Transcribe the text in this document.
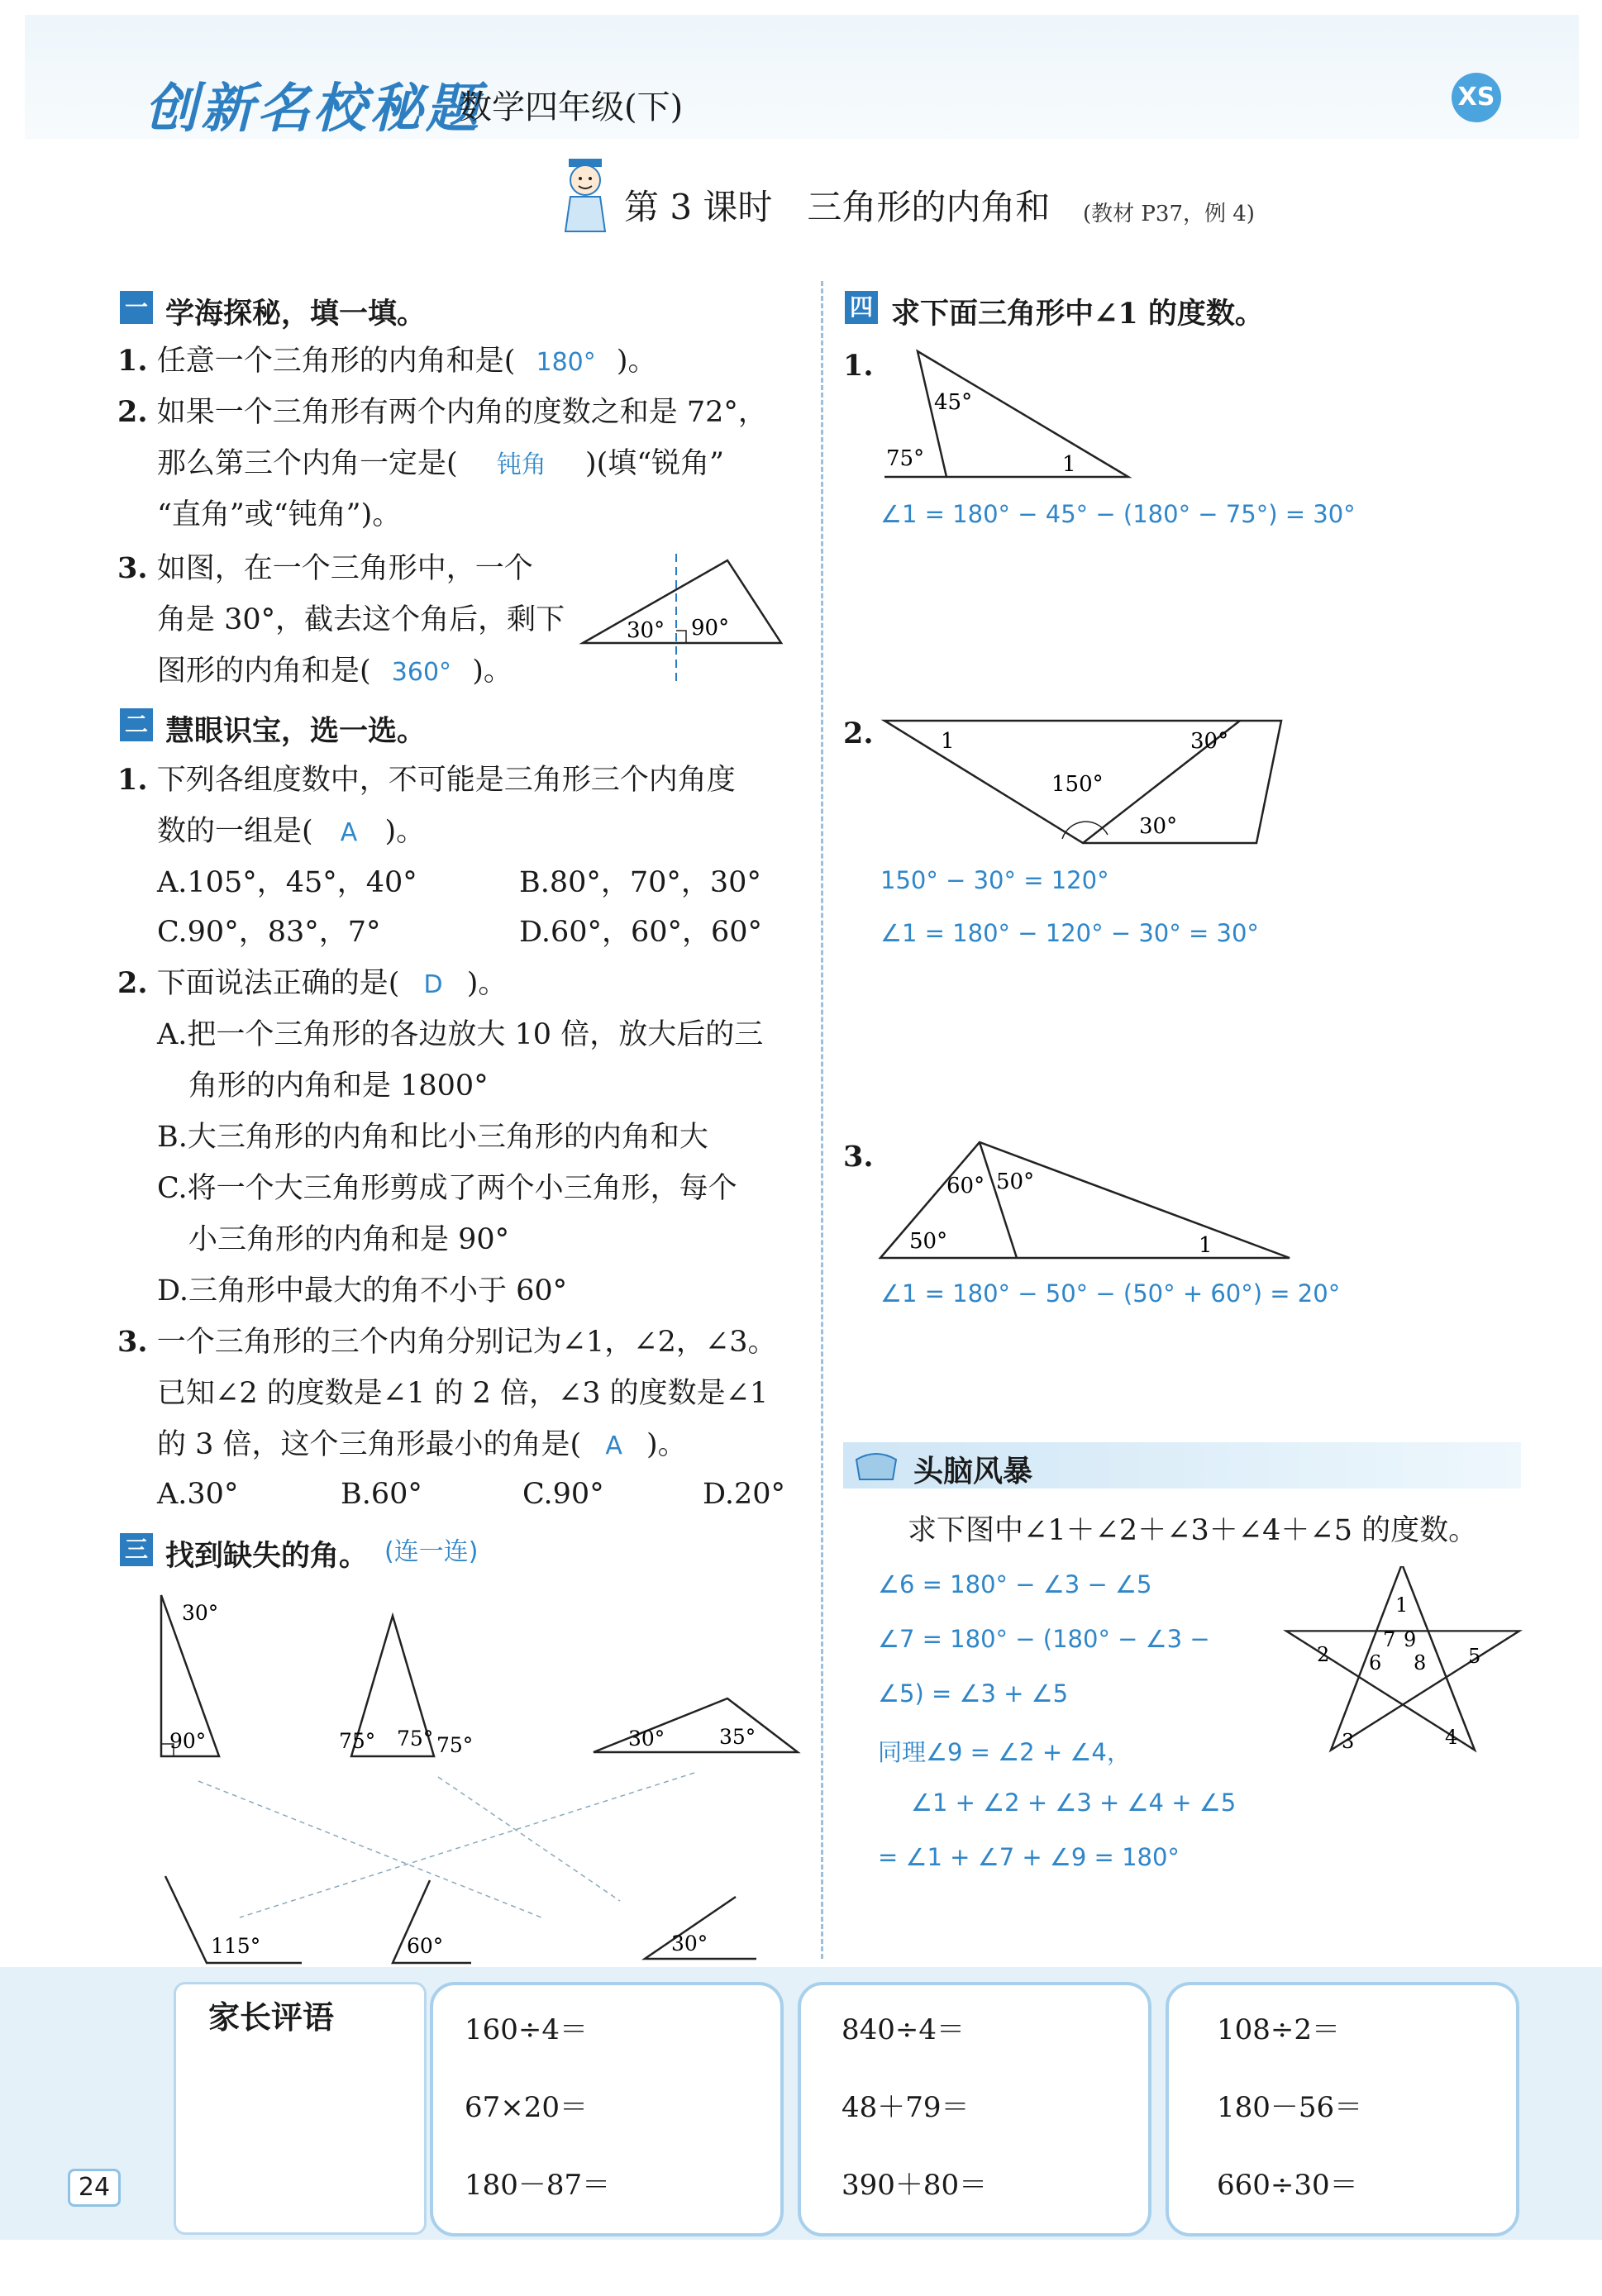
创新名校秘题
数学四年级(下)	XS
第 3 课时　三角形的内角和 (教材 P37，例 4)
一 学海探秘，填一填。
1. 任意一个三角形的内角和是( 180° )。
2. 如果一个三角形有两个内角的度数之和是 72°，
那么第三个内角一定是( 钝角 )(填“锐角”
“直角”或“钝角”)。
3. 如图，在一个三角形中，一个
角是 30°，截去这个角后，剩下
图形的内角和是( 360° )。
30° 90°
二 慧眼识宝，选一选。
1. 下列各组度数中，不可能是三角形三个内角度
数的一组是( A )。
A.105°，45°，40°	B.80°，70°，30°
C.90°，83°，7°	D.60°，60°，60°
2. 下面说法正确的是( D )。
A.把一个三角形的各边放大 10 倍，放大后的三
角形的内角和是 1800°
B.大三角形的内角和比小三角形的内角和大
C.将一个大三角形剪成了两个小三角形，每个
小三角形的内角和是 90°
D.三角形中最大的角不小于 60°
3. 一个三角形的三个内角分别记为∠1，∠2，∠3。
已知∠2 的度数是∠1 的 2 倍，∠3 的度数是∠1
的 3 倍，这个三角形最小的角是( A )。
A.30°	B.60°	C.90°	D.20°
三 找到缺失的角。 (连一连)
30°
90°	75° 75°
75°	30°	35°
115°	60°	30°
四 求下面三角形中∠1 的度数。
1.
45°
75°	1
∠1 = 180° − 45° − (180° − 75°) = 30°
2.	1	30°
150°
30°
150° − 30° = 120°
∠1 = 180° − 120° − 30° = 30°
3.
60° 50°
50°	1
∠1 = 180° − 50° − (50° + 60°) = 20°
头脑风暴
求下图中∠1＋∠2＋∠3＋∠4＋∠5 的度数。
∠6 = 180° − ∠3 − ∠5
∠7 = 180° − (180° − ∠3 −
∠5) = ∠3 + ∠5
同理∠9 = ∠2 + ∠4，
∠1 + ∠2 + ∠3 + ∠4 + ∠5
= ∠1 + ∠7 + ∠9 = 180°
1
2
3	4
5
6
7
8
9
家长评语	160÷4＝
67×20＝
180－87＝
840÷4＝
48＋79＝
390＋80＝
108÷2＝
180－56＝
660÷30＝
24
